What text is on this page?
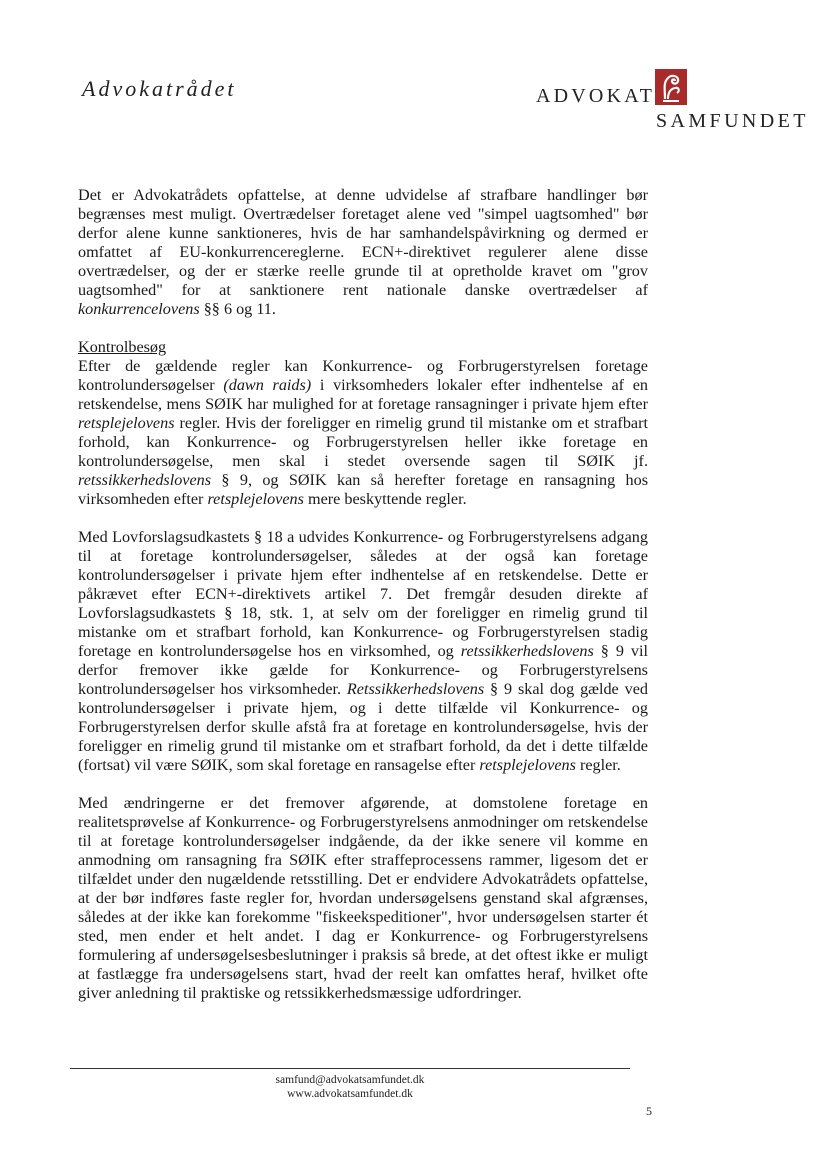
Advokatrådet	ADVOKAT
SAMFUNDET

Det er Advokatrådets opfattelse, at denne udvidelse af strafbare handlinger bør begrænses mest muligt. Overtrædelser foretaget alene ved "simpel uagtsomhed" bør derfor alene kunne sanktioneres, hvis de har samhandelspåvirkning og dermed er omfattet af EU-konkurrencereglerne. ECN+-direktivet regulerer alene disse overtrædelser, og der er stærke reelle grunde til at opretholde kravet om "grov uagtsomhed" for at sanktionere rent nationale danske overtrædelser af konkurrencelovens §§ 6 og 11.

Kontrolbesøg

Efter de gældende regler kan Konkurrence- og Forbrugerstyrelsen foretage kontrolundersøgelser (dawn raids) i virksomheders lokaler efter indhentelse af en retskendelse, mens SØIK har mulighed for at foretage ransagninger i private hjem efter retsplejelovens regler. Hvis der foreligger en rimelig grund til mistanke om et strafbart forhold, kan Konkurrence- og Forbrugerstyrelsen heller ikke foretage en kontrolundersøgelse, men skal i stedet oversende sagen til SØIK jf. retssikkerhedslovens § 9, og SØIK kan så herefter foretage en ransagning hos virksomheden efter retsplejelovens mere beskyttende regler.

Med Lovforslagsudkastets § 18 a udvides Konkurrence- og Forbrugerstyrelsens adgang til at foretage kontrolundersøgelser, således at der også kan foretage kontrolundersøgelser i private hjem efter indhentelse af en retskendelse. Dette er påkrævet efter ECN+-direktivets artikel 7. Det fremgår desuden direkte af Lovforslagsudkastets § 18, stk. 1, at selv om der foreligger en rimelig grund til mistanke om et strafbart forhold, kan Konkurrence- og Forbrugerstyrelsen stadig foretage en kontrolundersøgelse hos en virksomhed, og retssikkerhedslovens § 9 vil derfor fremover ikke gælde for Konkurrence- og Forbrugerstyrelsens kontrolundersøgelser hos virksomheder. Retssikkerhedslovens § 9 skal dog gælde ved kontrolundersøgelser i private hjem, og i dette tilfælde vil Konkurrence- og Forbrugerstyrelsen derfor skulle afstå fra at foretage en kontrolundersøgelse, hvis der foreligger en rimelig grund til mistanke om et strafbart forhold, da det i dette tilfælde (fortsat) vil være SØIK, som skal foretage en ransagelse efter retsplejelovens regler.

Med ændringerne er det fremover afgørende, at domstolene foretage en realitetsprøvelse af Konkurrence- og Forbrugerstyrelsens anmodninger om retskendelse til at foretage kontrolundersøgelser indgående, da der ikke senere vil komme en anmodning om ransagning fra SØIK efter straffeprocessens rammer, ligesom det er tilfældet under den nugældende retsstilling. Det er endvidere Advokatrådets opfattelse, at der bør indføres faste regler for, hvordan undersøgelsens genstand skal afgrænses, således at der ikke kan forekomme "fiskeekspeditioner", hvor undersøgelsen starter ét sted, men ender et helt andet. I dag er Konkurrence- og Forbrugerstyrelsens formulering af undersøgelsesbeslutninger i praksis så brede, at det oftest ikke er muligt at fastlægge fra undersøgelsens start, hvad der reelt kan omfattes heraf, hvilket ofte giver anledning til praktiske og retssikkerhedsmæssige udfordringer.

samfund@advokatsamfundet.dk
www.advokatsamfundet.dk
5
